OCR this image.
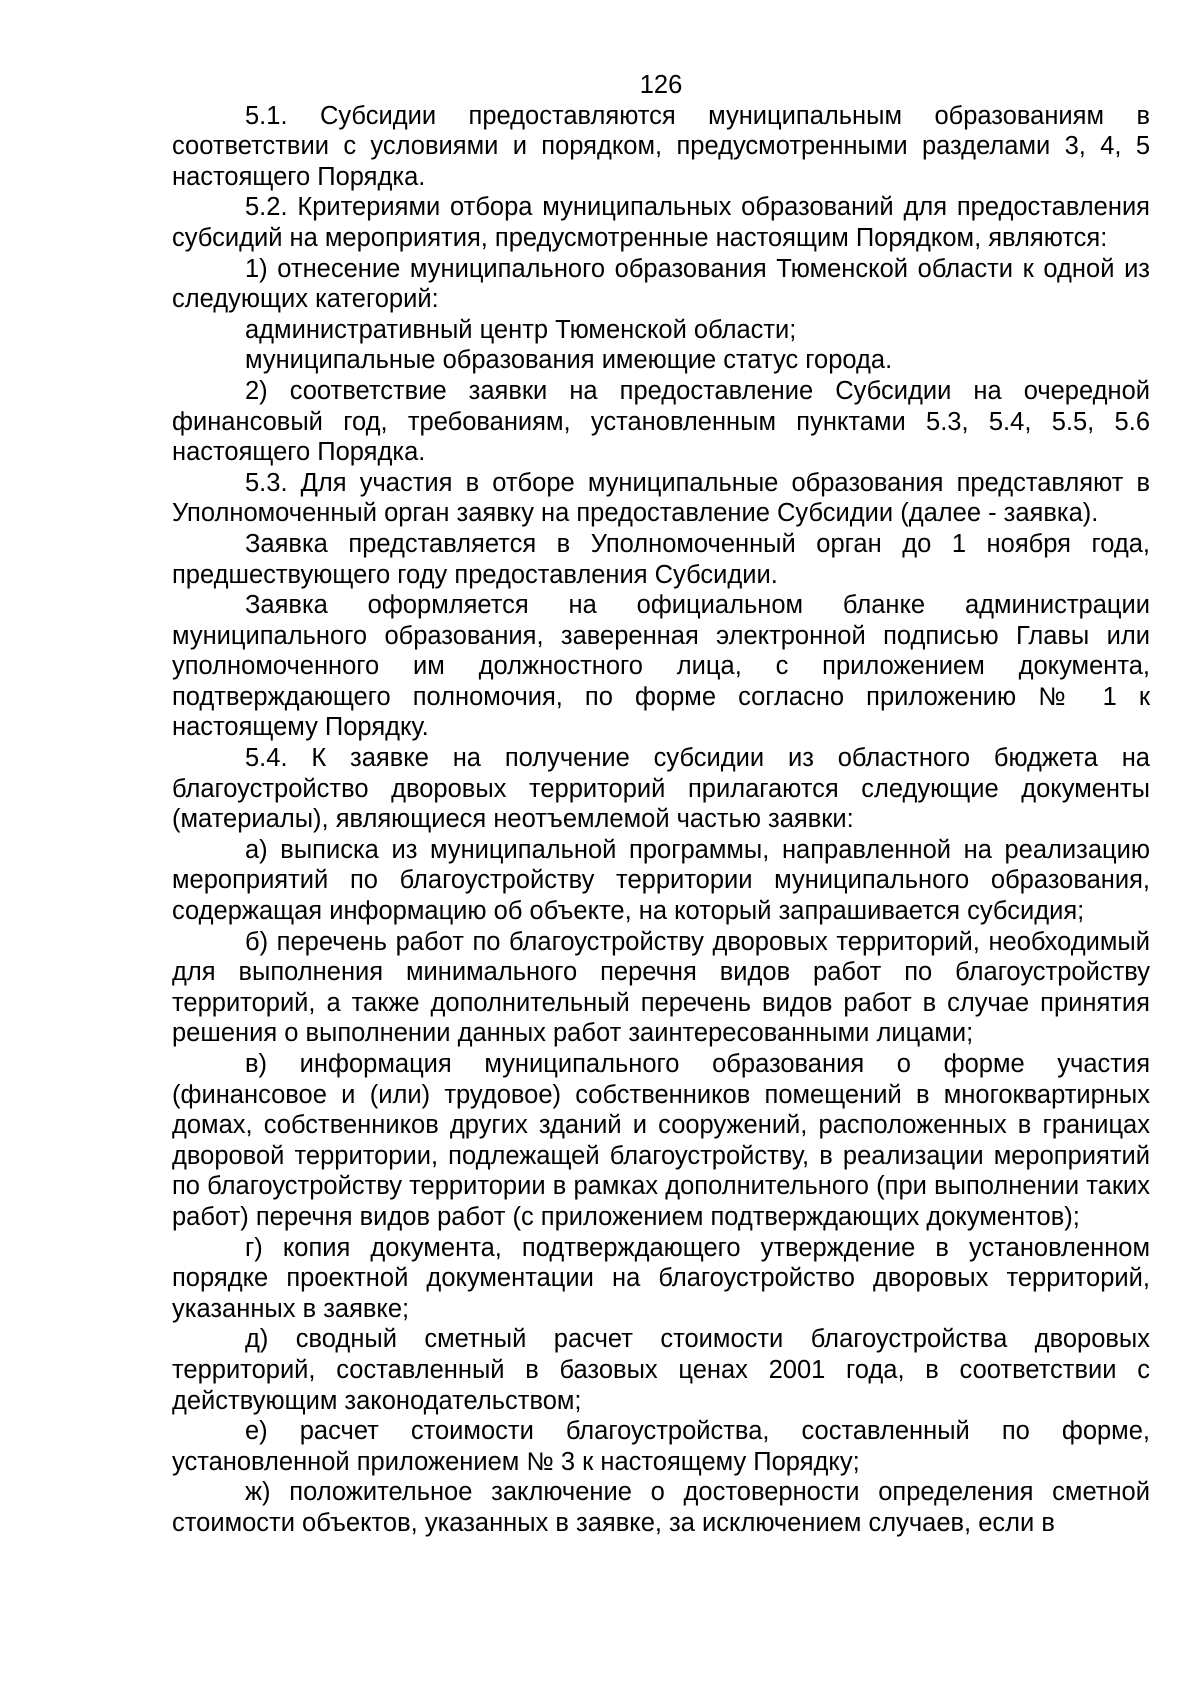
126

5.1. Субсидии предоставляются муниципальным образованиям в соответствии с условиями и порядком, предусмотренными разделами 3, 4, 5 настоящего Порядка.

5.2. Критериями отбора муниципальных образований для предоставления субсидий на мероприятия, предусмотренные настоящим Порядком, являются:

1) отнесение муниципального образования Тюменской области к одной из следующих категорий:

административный центр Тюменской области;

муниципальные образования имеющие статус города.

2) соответствие заявки на предоставление Субсидии на очередной финансовый год, требованиям, установленным пунктами 5.3, 5.4, 5.5, 5.6 настоящего Порядка.

5.3. Для участия в отборе муниципальные образования представляют в Уполномоченный орган заявку на предоставление Субсидии (далее - заявка).

Заявка представляется в Уполномоченный орган до 1 ноября года, предшествующего году предоставления Субсидии.

Заявка оформляется на официальном бланке администрации муниципального образования, заверенная электронной подписью Главы или уполномоченного им должностного лица, с приложением документа, подтверждающего полномочия, по форме согласно приложению № 1 к настоящему Порядку.

5.4. К заявке на получение субсидии из областного бюджета на благоустройство дворовых территорий прилагаются следующие документы (материалы), являющиеся неотъемлемой частью заявки:

а) выписка из муниципальной программы, направленной на реализацию мероприятий по благоустройству территории муниципального образования, содержащая информацию об объекте, на который запрашивается субсидия;

б) перечень работ по благоустройству дворовых территорий, необходимый для выполнения минимального перечня видов работ по благоустройству территорий, а также дополнительный перечень видов работ в случае принятия решения о выполнении данных работ заинтересованными лицами;

в) информация муниципального образования о форме участия (финансовое и (или) трудовое) собственников помещений в многоквартирных домах, собственников других зданий и сооружений, расположенных в границах дворовой территории, подлежащей благоустройству, в реализации мероприятий по благоустройству территории в рамках дополнительного (при выполнении таких работ) перечня видов работ (с приложением подтверждающих документов);

г) копия документа, подтверждающего утверждение в установленном порядке проектной документации на благоустройство дворовых территорий, указанных в заявке;

д) сводный сметный расчет стоимости благоустройства дворовых территорий, составленный в базовых ценах 2001 года, в соответствии с действующим законодательством;

е) расчет стоимости благоустройства, составленный по форме, установленной приложением № 3 к настоящему Порядку;

ж) положительное заключение о достоверности определения сметной стоимости объектов, указанных в заявке, за исключением случаев, если в
